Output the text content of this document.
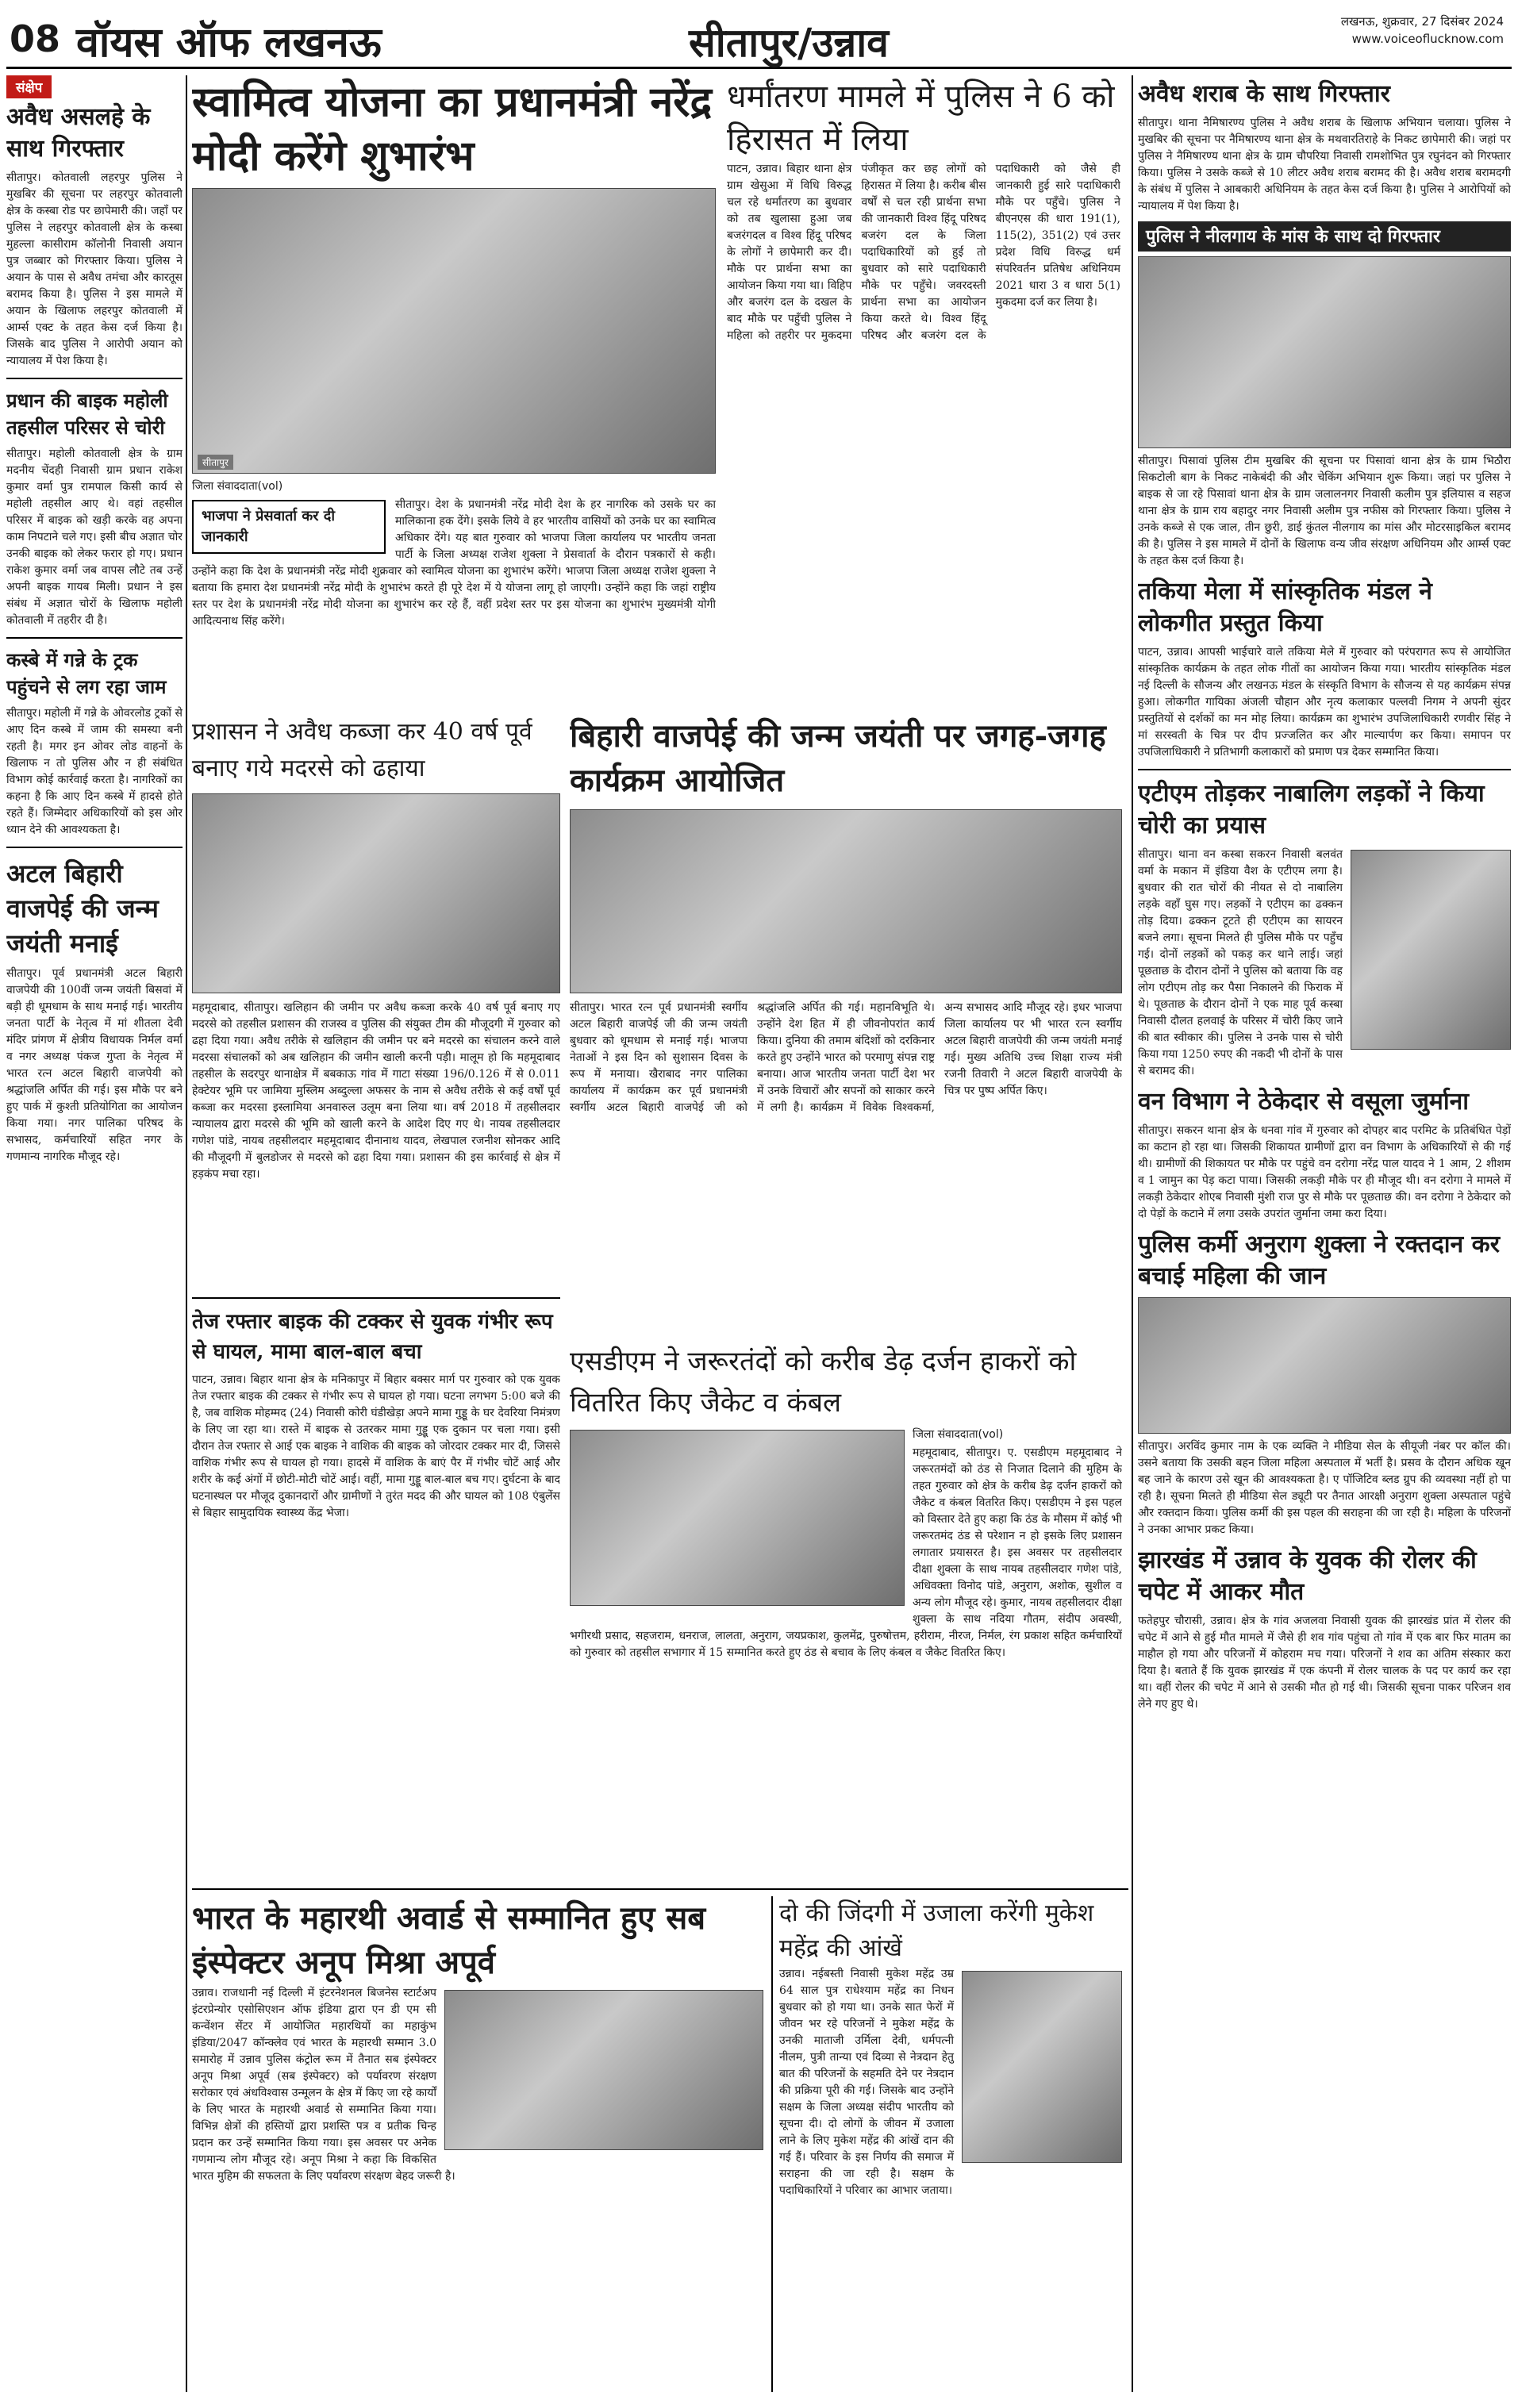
08 वॉयस ऑफ लखनऊ	सीतापुर/उन्नाव	लखनऊ, शुक्रवार, 27 दिसंबर 2024
www.voiceoflucknow.com
संक्षेप
अवैध असलहे के साथ गिरफ्तार

सीतापुर। कोतवाली लहरपुर पुलिस ने मुखबिर की सूचना पर लहरपुर कोतवाली क्षेत्र के कस्बा रोड पर छापेमारी की। जहाँ पर पुलिस ने लहरपुर कोतवाली क्षेत्र के कस्बा मुहल्ला कासीराम कॉलोनी निवासी अयान पुत्र जब्बार को गिरफ्तार किया। पुलिस ने अयान के पास से अवैध तमंचा और कारतूस बरामद किया है। पुलिस ने इस मामले में अयान के खिलाफ लहरपुर कोतवाली में आर्म्स एक्ट के तहत केस दर्ज किया है। जिसके बाद पुलिस ने आरोपी अयान को न्यायालय में पेश किया है।

प्रधान की बाइक महोली तहसील परिसर से चोरी

सीतापुर। महोली कोतवाली क्षेत्र के ग्राम मदनीय चेंदही निवासी ग्राम प्रधान राकेश कुमार वर्मा पुत्र रामपाल किसी कार्य से महोली तहसील आए थे। वहां तहसील परिसर में बाइक को खड़ी करके वह अपना काम निपटाने चले गए। इसी बीच अज्ञात चोर उनकी बाइक को लेकर फरार हो गए। प्रधान राकेश कुमार वर्मा जब वापस लौटे तब उन्हें अपनी बाइक गायब मिली। प्रधान ने इस संबंध में अज्ञात चोरों के खिलाफ महोली कोतवाली में तहरीर दी है।

कस्बे में गन्ने के ट्रक पहुंचने से लग रहा जाम

सीतापुर। महोली में गन्ने के ओवरलोड ट्रकों से आए दिन कस्बे में जाम की समस्या बनी रहती है। मगर इन ओवर लोड वाहनों के खिलाफ न तो पुलिस और न ही संबंधित विभाग कोई कार्रवाई करता है। नागरिकों का कहना है कि आए दिन कस्बे में हादसे होते रहते हैं। जिम्मेदार अधिकारियों को इस ओर ध्यान देने की आवश्यकता है।

अटल बिहारी वाजपेई की जन्म जयंती मनाई

सीतापुर। पूर्व प्रधानमंत्री अटल बिहारी वाजपेयी की 100वीं जन्म जयंती बिसवां में बड़ी ही धूमधाम के साथ मनाई गई। भारतीय जनता पार्टी के नेतृत्व में मां शीतला देवी मंदिर प्रांगण में क्षेत्रीय विधायक निर्मल वर्मा व नगर अध्यक्ष पंकज गुप्ता के नेतृत्व में भारत रत्न अटल बिहारी वाजपेयी को श्रद्धांजलि अर्पित की गई। इस मौके पर बने हुए पार्क में कुश्ती प्रतियोगिता का आयोजन किया गया। नगर पालिका परिषद के सभासद, कर्मचारियों सहित नगर के गणमान्य नागरिक मौजूद रहे।

स्वामित्व योजना का प्रधानमंत्री नरेंद्र मोदी करेंगे शुभारंभ
सीतापुर
जिला संवाददाता(vol)
भाजपा ने प्रेसवार्ता कर दी जानकारी

सीतापुर। देश के प्रधानमंत्री नरेंद्र मोदी देश के हर नागरिक को उसके घर का मालिकाना हक देंगे। इसके लिये वे हर भारतीय वासियों को उनके घर का स्वामित्व अधिकार देंगे। यह बात गुरुवार को भाजपा जिला कार्यालय पर भारतीय जनता पार्टी के जिला अध्यक्ष राजेश शुक्ला ने प्रेसवार्ता के दौरान पत्रकारों से कही। उन्होंने कहा कि देश के प्रधानमंत्री नरेंद्र मोदी शुक्रवार को स्वामित्व योजना का शुभारंभ करेंगे। भाजपा जिला अध्यक्ष राजेश शुक्ला ने बताया कि हमारा देश प्रधानमंत्री नरेंद्र मोदी के शुभारंभ करते ही पूरे देश में ये योजना लागू हो जाएगी। उन्होंने कहा कि जहां राष्ट्रीय स्तर पर देश के प्रधानमंत्री नरेंद्र मोदी योजना का शुभारंभ कर रहे हैं, वहीं प्रदेश स्तर पर इस योजना का शुभारंभ मुख्यमंत्री योगी आदित्यनाथ सिंह करेंगे।

धर्मांतरण मामले में पुलिस ने 6 को हिरासत में लिया

पाटन, उन्नाव। बिहार थाना क्षेत्र ग्राम खेसुआ में विधि विरुद्ध चल रहे धर्मांतरण का बुधवार को तब खुलासा हुआ जब बजरंगदल व विश्व हिंदू परिषद के लोगों ने छापेमारी कर दी। मौके पर प्रार्थना सभा का आयोजन किया गया था। विहिप और बजरंग दल के दखल के बाद मौके पर पहुँची पुलिस ने महिला को तहरीर पर मुकदमा पंजीकृत कर छह लोगों को हिरासत में लिया है। करीब बीस वर्षों से चल रही प्रार्थना सभा की जानकारी विश्व हिंदू परिषद बजरंग दल के जिला पदाधिकारियों को हुई तो बुधवार को सारे पदाधिकारी मौके पर पहुँचे। जवरदस्ती प्रार्थना सभा का आयोजन किया करते थे। विश्व हिंदू परिषद और बजरंग दल के पदाधिकारी को जैसे ही जानकारी हुई सारे पदाधिकारी मौके पर पहुँचे। पुलिस ने बीएनएस की धारा 191(1), 115(2), 351(2) एवं उत्तर प्रदेश विधि विरुद्ध धर्म संपरिवर्तन प्रतिषेध अधिनियम 2021 धारा 3 व धारा 5(1) मुकदमा दर्ज कर लिया है।

अवैध शराब के साथ गिरफ्तार

सीतापुर। थाना नैमिषारण्य पुलिस ने अवैध शराब के खिलाफ अभियान चलाया। पुलिस ने मुखबिर की सूचना पर नैमिषारण्य थाना क्षेत्र के मथवारतिराहे के निकट छापेमारी की। जहां पर पुलिस ने नैमिषारण्य थाना क्षेत्र के ग्राम चौपरिया निवासी रामशोभित पुत्र रघुनंदन को गिरफ्तार किया। पुलिस ने उसके कब्जे से 10 लीटर अवैध शराब बरामद की है। अवैध शराब बरामदगी के संबंध में पुलिस ने आबकारी अधिनियम के तहत केस दर्ज किया है। पुलिस ने आरोपियों को न्यायालय में पेश किया है।

पुलिस ने नीलगाय के मांस के साथ दो गिरफ्तार

सीतापुर। पिसावां पुलिस टीम मुखबिर की सूचना पर पिसावां थाना क्षेत्र के ग्राम भिठौरा सिकटोली बाग के निकट नाकेबंदी की और चेकिंग अभियान शुरू किया। जहां पर पुलिस ने बाइक से जा रहे पिसावां थाना क्षेत्र के ग्राम जलालनगर निवासी कलीम पुत्र इलियास व सहज थाना क्षेत्र के ग्राम राय बहादुर नगर निवासी अलीम पुत्र नफीस को गिरफ्तार किया। पुलिस ने उनके कब्जे से एक जाल, तीन छुरी, डाई कुंतल नीलगाय का मांस और मोटरसाइकिल बरामद की है। पुलिस ने इस मामले में दोनों के खिलाफ वन्य जीव संरक्षण अधिनियम और आर्म्स एक्ट के तहत केस दर्ज किया है।

तकिया मेला में सांस्कृतिक मंडल ने लोकगीत प्रस्तुत किया

पाटन, उन्नाव। आपसी भाईचारे वाले तकिया मेले में गुरुवार को परंपरागत रूप से आयोजित सांस्कृतिक कार्यक्रम के तहत लोक गीतों का आयोजन किया गया। भारतीय सांस्कृतिक मंडल नई दिल्ली के सौजन्य और लखनऊ मंडल के संस्कृति विभाग के सौजन्य से यह कार्यक्रम संपन्न हुआ। लोकगीत गायिका अंजली चौहान और नृत्य कलाकार पल्लवी निगम ने अपनी सुंदर प्रस्तुतियों से दर्शकों का मन मोह लिया। कार्यक्रम का शुभारंभ उपजिलाधिकारी रणवीर सिंह ने मां सरस्वती के चित्र पर दीप प्रज्जलित कर और माल्यार्पण कर किया। समापन पर उपजिलाधिकारी ने प्रतिभागी कलाकारों को प्रमाण पत्र देकर सम्मानित किया।

एटीएम तोड़कर नाबालिग लड़कों ने किया चोरी का प्रयास

सीतापुर। थाना वन कस्बा सकरन निवासी बलवंत वर्मा के मकान में इंडिया वैश के एटीएम लगा है। बुधवार की रात चोरों की नीयत से दो नाबालिग लड़के वहाँ घुस गए। लड़कों ने एटीएम का ढक्कन तोड़ दिया। ढक्कन टूटते ही एटीएम का सायरन बजने लगा। सूचना मिलते ही पुलिस मौके पर पहुँच गई। दोनों लड़कों को पकड़ कर थाने लाई। जहां पूछताछ के दौरान दोनों ने पुलिस को बताया कि वह लोग एटीएम तोड़ कर पैसा निकालने की फिराक में थे। पूछताछ के दौरान दोनों ने एक माह पूर्व कस्बा निवासी दौलत हलवाई के परिसर में चोरी किए जाने की बात स्वीकार की। पुलिस ने उनके पास से चोरी किया गया 1250 रुपए की नकदी भी दोनों के पास से बरामद की।

वन विभाग ने ठेकेदार से वसूला जुर्माना

सीतापुर। सकरन थाना क्षेत्र के धनवा गांव में गुरुवार को दोपहर बाद परमिट के प्रतिबंधित पेड़ों का कटान हो रहा था। जिसकी शिकायत ग्रामीणों द्वारा वन विभाग के अधिकारियों से की गई थी। ग्रामीणों की शिकायत पर मौके पर पहुंचे वन दरोगा नरेंद्र पाल यादव ने 1 आम, 2 शीशम व 1 जामुन का पेड़ कटा पाया। जिसकी लकड़ी मौके पर ही मौजूद थी। वन दरोगा ने मामले में लकड़ी ठेकेदार शोएब निवासी मुंशी राज पुर से मौके पर पूछताछ की। वन दरोगा ने ठेकेदार को दो पेड़ों के कटाने में लगा उसके उपरांत जुर्माना जमा करा दिया।

पुलिस कर्मी अनुराग शुक्ला ने रक्तदान कर बचाई महिला की जान

सीतापुर। अरविंद कुमार नाम के एक व्यक्ति ने मीडिया सेल के सीयूजी नंबर पर कॉल की। उसने बताया कि उसकी बहन जिला महिला अस्पताल में भर्ती है। प्रसव के दौरान अधिक खून बह जाने के कारण उसे खून की आवश्यकता है। ए पॉजिटिव ब्लड ग्रुप की व्यवस्था नहीं हो पा रही है। सूचना मिलते ही मीडिया सेल ड्यूटी पर तैनात आरक्षी अनुराग शुक्ला अस्पताल पहुंचे और रक्तदान किया। पुलिस कर्मी की इस पहल की सराहना की जा रही है। महिला के परिजनों ने उनका आभार प्रकट किया।

झारखंड में उन्नाव के युवक की रोलर की चपेट में आकर मौत

फतेहपुर चौरासी, उन्नाव। क्षेत्र के गांव अजलवा निवासी युवक की झारखंड प्रांत में रोलर की चपेट में आने से हुई मौत मामले में जैसे ही शव गांव पहुंचा तो गांव में एक बार फिर मातम का माहौल हो गया और परिजनों में कोहराम मच गया। परिजनों ने शव का अंतिम संस्कार करा दिया है। बताते हैं कि युवक झारखंड में एक कंपनी में रोलर चालक के पद पर कार्य कर रहा था। वहीं रोलर की चपेट में आने से उसकी मौत हो गई थी। जिसकी सूचना पाकर परिजन शव लेने गए हुए थे।

प्रशासन ने अवैध कब्जा कर 40 वर्ष पूर्व बनाए गये मदरसे को ढहाया

महमूदाबाद, सीतापुर। खलिहान की जमीन पर अवैध कब्जा करके 40 वर्ष पूर्व बनाए गए मदरसे को तहसील प्रशासन की राजस्व व पुलिस की संयुक्त टीम की मौजूदगी में गुरुवार को ढहा दिया गया। अवैध तरीके से खलिहान की जमीन पर बने मदरसे का संचालन करने वाले मदरसा संचालकों को अब खलिहान की जमीन खाली करनी पड़ी। मालूम हो कि महमूदाबाद तहसील के सदरपुर थानाक्षेत्र में बबकाऊ गांव में गाटा संख्या 196/0.126 में से 0.011 हेक्टेयर भूमि पर जामिया मुस्लिम अब्दुल्ला अफसर के नाम से अवैध तरीके से कई वर्षों पूर्व कब्जा कर मदरसा इस्लामिया अनवारुल उलूम बना लिया था। वर्ष 2018 में तहसीलदार न्यायालय द्वारा मदरसे की भूमि को खाली करने के आदेश दिए गए थे। नायब तहसीलदार गणेश पांडे, नायब तहसीलदार महमूदाबाद दीनानाथ यादव, लेखपाल रजनीश सोनकर आदि की मौजूदगी में बुलडोजर से मदरसे को ढहा दिया गया। प्रशासन की इस कार्रवाई से क्षेत्र में हड़कंप मचा रहा।

बिहारी वाजपेई की जन्म जयंती पर जगह-जगह कार्यक्रम आयोजित

सीतापुर। भारत रत्न पूर्व प्रधानमंत्री स्वर्गीय अटल बिहारी वाजपेई जी की जन्म जयंती बुधवार को धूमधाम से मनाई गई। भाजपा नेताओं ने इस दिन को सुशासन दिवस के रूप में मनाया। खैराबाद नगर पालिका कार्यालय में कार्यक्रम कर पूर्व प्रधानमंत्री स्वर्गीय अटल बिहारी वाजपेई जी को श्रद्धांजलि अर्पित की गई। महानविभूति थे। उन्होंने देश हित में ही जीवनोपरांत कार्य किया। दुनिया की तमाम बंदिशों को दरकिनार करते हुए उन्होंने भारत को परमाणु संपन्न राष्ट्र बनाया। आज भारतीय जनता पार्टी देश भर में उनके विचारों और सपनों को साकार करने में लगी है। कार्यक्रम में विवेक विश्वकर्मा, अन्य सभासद आदि मौजूद रहे। इधर भाजपा जिला कार्यालय पर भी भारत रत्न स्वर्गीय अटल बिहारी वाजपेयी की जन्म जयंती मनाई गई। मुख्य अतिथि उच्च शिक्षा राज्य मंत्री रजनी तिवारी ने अटल बिहारी वाजपेयी के चित्र पर पुष्प अर्पित किए।

तेज रफ्तार बाइक की टक्कर से युवक गंभीर रूप से घायल, मामा बाल-बाल बचा

पाटन, उन्नाव। बिहार थाना क्षेत्र के मनिकापुर में बिहार बक्सर मार्ग पर गुरुवार को एक युवक तेज रफ्तार बाइक की टक्कर से गंभीर रूप से घायल हो गया। घटना लगभग 5:00 बजे की है, जब वाशिक मोहम्मद (24) निवासी कोरी घंडीखेड़ा अपने मामा गुड्डू के घर देवरिया निमंत्रण के लिए जा रहा था। रास्ते में बाइक से उतरकर मामा गुड्डू एक दुकान पर चला गया। इसी दौरान तेज रफ्तार से आई एक बाइक ने वाशिक की बाइक को जोरदार टक्कर मार दी, जिससे वाशिक गंभीर रूप से घायल हो गया। हादसे में वाशिक के बाएं पैर में गंभीर चोटें आई और शरीर के कई अंगों में छोटी-मोटी चोटें आई। वहीं, मामा गुड्डू बाल-बाल बच गए। दुर्घटना के बाद घटनास्थल पर मौजूद दुकानदारों और ग्रामीणों ने तुरंत मदद की और घायल को 108 एंबुलेंस से बिहार सामुदायिक स्वास्थ्य केंद्र भेजा।

एसडीएम ने जरूरतंदों को करीब डेढ़ दर्जन हाकरों को वितरित किए जैकेट व कंबल
जिला संवाददाता(vol)

महमूदाबाद, सीतापुर। ए. एसडीएम महमूदाबाद ने जरूरतमंदों को ठंड से निजात दिलाने की मुहिम के तहत गुरुवार को क्षेत्र के करीब डेढ़ दर्जन हाकरों को जैकेट व कंबल वितरित किए। एसडीएम ने इस पहल को विस्तार देते हुए कहा कि ठंड के मौसम में कोई भी जरूरतमंद ठंड से परेशान न हो इसके लिए प्रशासन लगातार प्रयासरत है। इस अवसर पर तहसीलदार दीक्षा शुक्ला के साथ नायब तहसीलदार गणेश पांडे, अधिवक्ता विनोद पांडे, अनुराग, अशोक, सुशील व अन्य लोग मौजूद रहे। कुमार, नायब तहसीलदार दीक्षा शुक्ला के साथ नदिया गौतम, संदीप अवस्थी, भगीरथी प्रसाद, सहजराम, धनराज, लालता, अनुराग, जयप्रकाश, कुलमेंद्र, पुरुषोत्तम, हरीराम, नीरज, निर्मल, रंग प्रकाश सहित कर्मचारियों को गुरुवार को तहसील सभागार में 15 सम्मानित करते हुए ठंड से बचाव के लिए कंबल व जैकेट वितरित किए।

भारत के महारथी अवार्ड से सम्मानित हुए सब इंस्पेक्टर अनूप मिश्रा अपूर्व

उन्नाव। राजधानी नई दिल्ली में इंटरनेशनल बिजनेस स्टार्टअप इंटरप्रेन्योर एसोसिएशन ऑफ इंडिया द्वारा एन डी एम सी कन्वेंशन सेंटर में आयोजित महारथियों का महाकुंभ इंडिया/2047 कॉन्क्लेव एवं भारत के महारथी सम्मान 3.0 समारोह में उन्नाव पुलिस कंट्रोल रूम में तैनात सब इंस्पेक्टर अनूप मिश्रा अपूर्व (सब इंस्पेक्टर) को पर्यावरण संरक्षण सरोकार एवं अंधविश्वास उन्मूलन के क्षेत्र में किए जा रहे कार्यों के लिए भारत के महारथी अवार्ड से सम्मानित किया गया। विभिन्न क्षेत्रों की हस्तियों द्वारा प्रशस्ति पत्र व प्रतीक चिन्ह प्रदान कर उन्हें सम्मानित किया गया। इस अवसर पर अनेक गणमान्य लोग मौजूद रहे। अनूप मिश्रा ने कहा कि विकसित भारत मुहिम की सफलता के लिए पर्यावरण संरक्षण बेहद जरूरी है।

दो की जिंदगी में उजाला करेंगी मुकेश महेंद्र की आंखें

उन्नाव। नईबस्ती निवासी मुकेश महेंद्र उम्र 64 साल पुत्र राधेश्याम महेंद्र का निधन बुधवार को हो गया था। उनके सात फेरों में जीवन भर रहे परिजनों ने मुकेश महेंद्र के उनकी माताजी उर्मिला देवी, धर्मपत्नी नीलम, पुत्री तान्या एवं दिव्या से नेत्रदान हेतु बात की परिजनों के सहमति देने पर नेत्रदान की प्रक्रिया पूरी की गई। जिसके बाद उन्होंने सक्षम के जिला अध्यक्ष संदीप भारतीय को सूचना दी। दो लोगों के जीवन में उजाला लाने के लिए मुकेश महेंद्र की आंखें दान की गई हैं। परिवार के इस निर्णय की समाज में सराहना की जा रही है। सक्षम के पदाधिकारियों ने परिवार का आभार जताया।
